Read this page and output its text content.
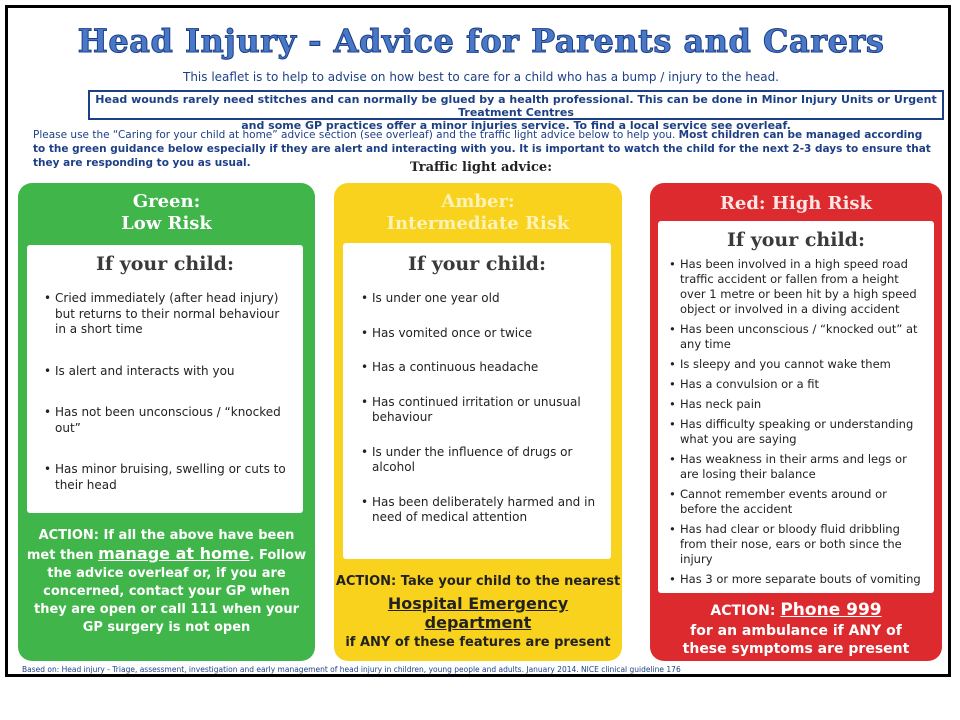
Head Injury - Advice for Parents and Carers
This leaflet is to help to advise on how best to care for a child who has a bump / injury to the head.
Head wounds rarely need stitches and can normally be glued by a health professional. This can be done in Minor Injury Units or Urgent Treatment Centres
and some GP practices offer a minor injuries service. To find a local service see overleaf.
Please use the “Caring for your child at home” advice section (see overleaf) and the traffic light advice below to help you. Most children can be managed according to the green guidance below especially if they are alert and interacting with you. It is important to watch the child for the next 2-3 days to ensure that they are responding to you as usual.	Traffic light advice:
Green:
Low Risk
If your child:
• Cried immediately (after head injury) but returns to their normal behaviour in a short time
• Is alert and interacts with you
• Has not been unconscious / “knocked out”
• Has minor bruising, swelling or cuts to their head
ACTION: If all the above have been met then manage at home. Follow the advice overleaf or, if you are concerned, contact your GP when they are open or call 111 when your GP surgery is not open
Amber:
Intermediate Risk
If your child:
• Is under one year old
• Has vomited once or twice
• Has a continuous headache
• Has continued irritation or unusual behaviour
• Is under the influence of drugs or alcohol
• Has been deliberately harmed and in need of medical attention
ACTION: Take your child to the nearest
Hospital Emergency
department
if ANY of these features are present
Red: High Risk
If your child:
• Has been involved in a high speed road traffic accident or fallen from a height over 1 metre or been hit by a high speed object or involved in a diving accident
• Has been unconscious / “knocked out” at any time
• Is sleepy and you cannot wake them
• Has a convulsion or a fit
• Has neck pain
• Has difficulty speaking or understanding what you are saying
• Has weakness in their arms and legs or are losing their balance
• Cannot remember events around or before the accident
• Has had clear or bloody fluid dribbling from their nose, ears or both since the injury
• Has 3 or more separate bouts of vomiting
ACTION: Phone 999
for an ambulance if ANY of
these symptoms are present
Based on: Head injury - Triage, assessment, investigation and early management of head injury in children, young people and adults. January 2014. NICE clinical guideline 176
